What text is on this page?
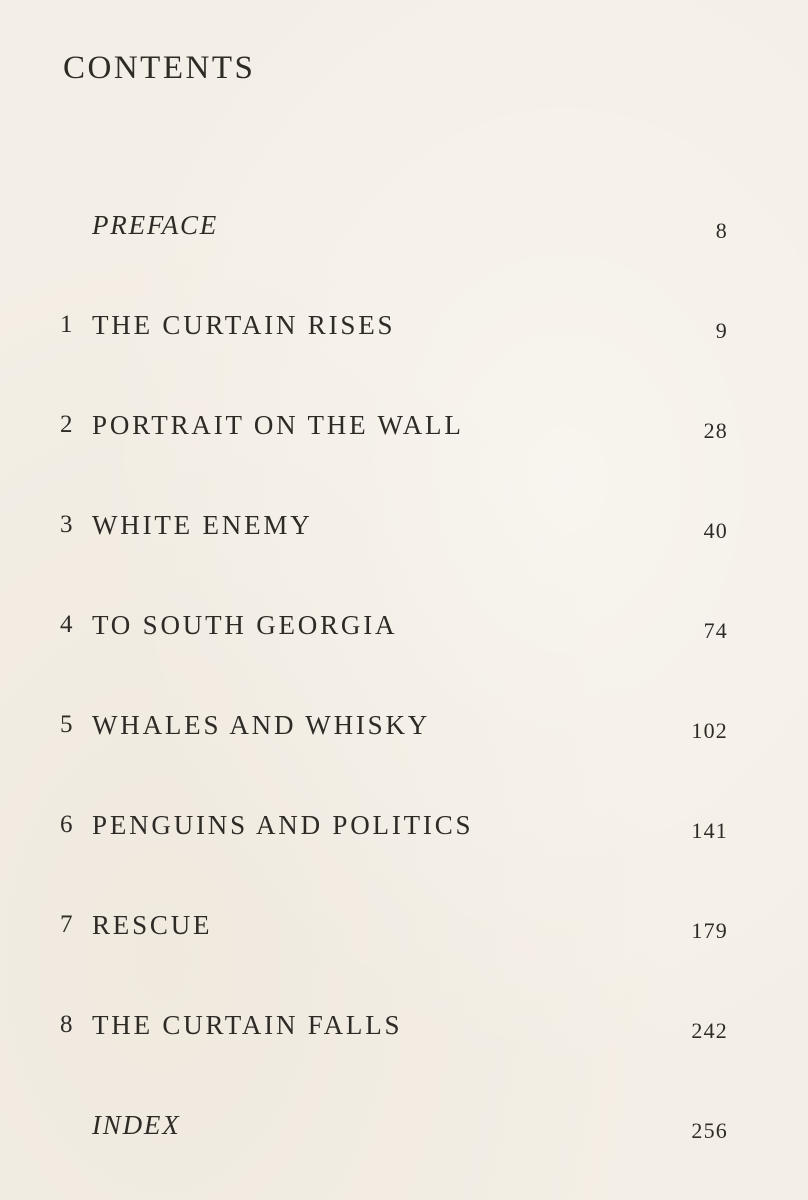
CONTENTS
PREFACE	8
1 THE CURTAIN RISES	9
2 PORTRAIT ON THE WALL	28
3 WHITE ENEMY	40
4 TO SOUTH GEORGIA	74
5 WHALES AND WHISKY	102
6 PENGUINS AND POLITICS	141
7 RESCUE	179
8 THE CURTAIN FALLS	242
INDEX	256
